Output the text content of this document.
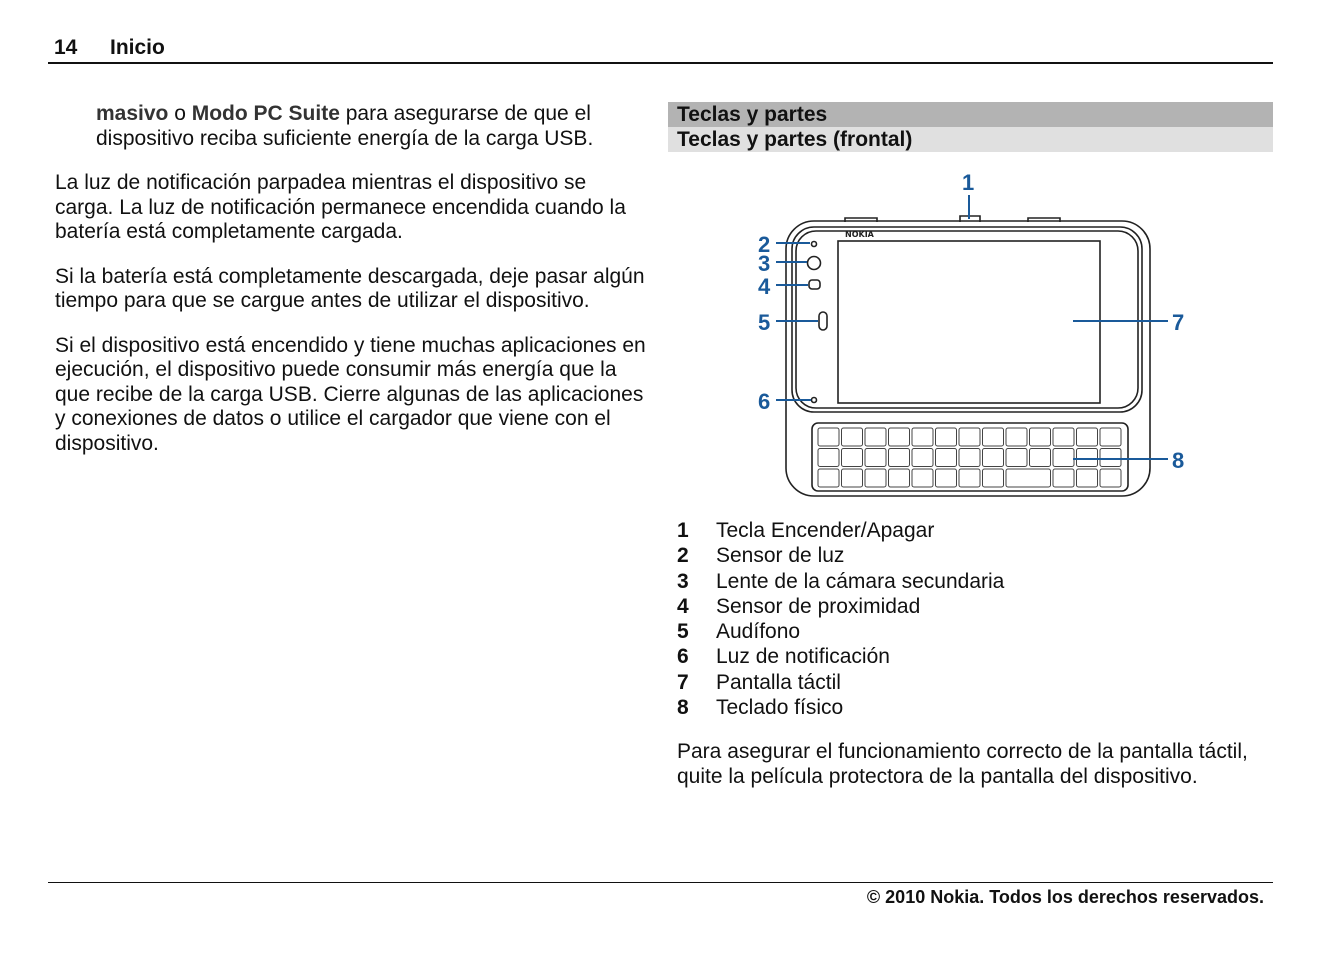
14 Inicio

masivo o Modo PC Suite para asegurarse de que el dispositivo reciba suficiente energía de la carga USB.

La luz de notificación parpadea mientras el dispositivo se carga. La luz de notificación permanece encendida cuando la batería está completamente cargada.

Si la batería está completamente descargada, deje pasar algún tiempo para que se cargue antes de utilizar el dispositivo.

Si el dispositivo está encendido y tiene muchas aplicaciones en ejecución, el dispositivo puede consumir más energía que la que recibe de la carga USB. Cierre algunas de las aplicaciones y conexiones de datos o utilice el cargador que viene con el dispositivo.

Teclas y partes
Teclas y partes (frontal)
NOKIA
1
2
3
4
5
6
7
8
1	Tecla Encender/Apagar
2	Sensor de luz
3	Lente de la cámara secundaria
4	Sensor de proximidad
5	Audífono
6	Luz de notificación
7	Pantalla táctil
8	Teclado físico
Para asegurar el funcionamiento correcto de la pantalla táctil, quite la película protectora de la pantalla del dispositivo.
© 2010 Nokia. Todos los derechos reservados.
